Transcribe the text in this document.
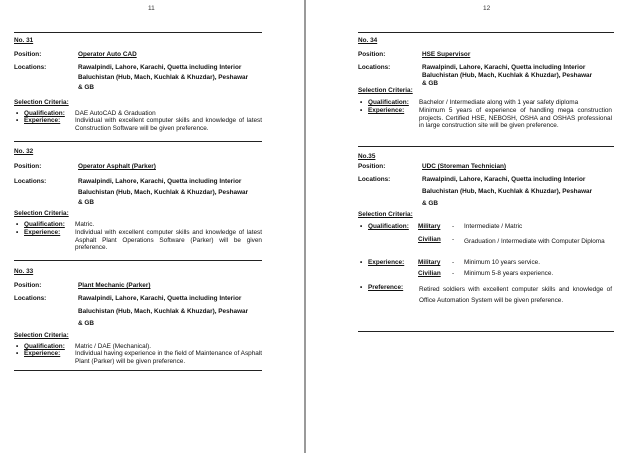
11
No. 31
Position:	Operator Auto CAD
Locations:	Rawalpindi, Lahore, Karachi, Quetta including Interior
Baluchistan (Hub, Mach, Kuchlak & Khuzdar), Peshawar
& GB
Selection Criteria:
• Qualification: DAE AutoCAD & Graduation
• Experience: Individual with excellent computer skills and knowledge of latest Construction Software will be given preference.
No. 32
Position:	Operator Asphalt (Parker)
Locations:	Rawalpindi, Lahore, Karachi, Quetta including Interior
Baluchistan (Hub, Mach, Kuchlak & Khuzdar), Peshawar
& GB
Selection Criteria:
• Qualification: Matric.
• Experience: Individual with excellent computer skills and knowledge of latest Asphalt Plant Operations Software (Parker) will be given preference.
No. 33
Position:	Plant Mechanic (Parker)
Locations:	Rawalpindi, Lahore, Karachi, Quetta including Interior
Baluchistan (Hub, Mach, Kuchlak & Khuzdar), Peshawar
& GB
Selection Criteria:
• Qualification: Matric / DAE (Mechanical).
• Experience: Individual having experience in the field of Maintenance of Asphalt Plant (Parker) will be given preference.
12
No. 34
Position:	HSE Supervisor
Locations:	Rawalpindi, Lahore, Karachi, Quetta including Interior
Baluchistan (Hub, Mach, Kuchlak & Khuzdar), Peshawar
& GB
Selection Criteria:
• Qualification: Bachelor / Intermediate along with 1 year safety diploma
• Experience: Minimum 5 years of experience of handling mega construction projects. Certified HSE, NEBOSH, OSHA and OSHAS professional in large construction site will be given preference.
No.35
Position:	UDC (Storeman Technician)
Locations:	Rawalpindi, Lahore, Karachi, Quetta including Interior
Baluchistan (Hub, Mach, Kuchlak & Khuzdar), Peshawar
& GB
Selection Criteria:
• Qualification: Military - Intermediate / Matric
Civilian - Graduation / Intermediate with Computer Diploma
• Experience: Military - Minimum 10 years service.
Civilian - Minimum 5-8 years experience.
• Preference: Retired soldiers with excellent computer skills and knowledge of Office Automation System will be given preference.
